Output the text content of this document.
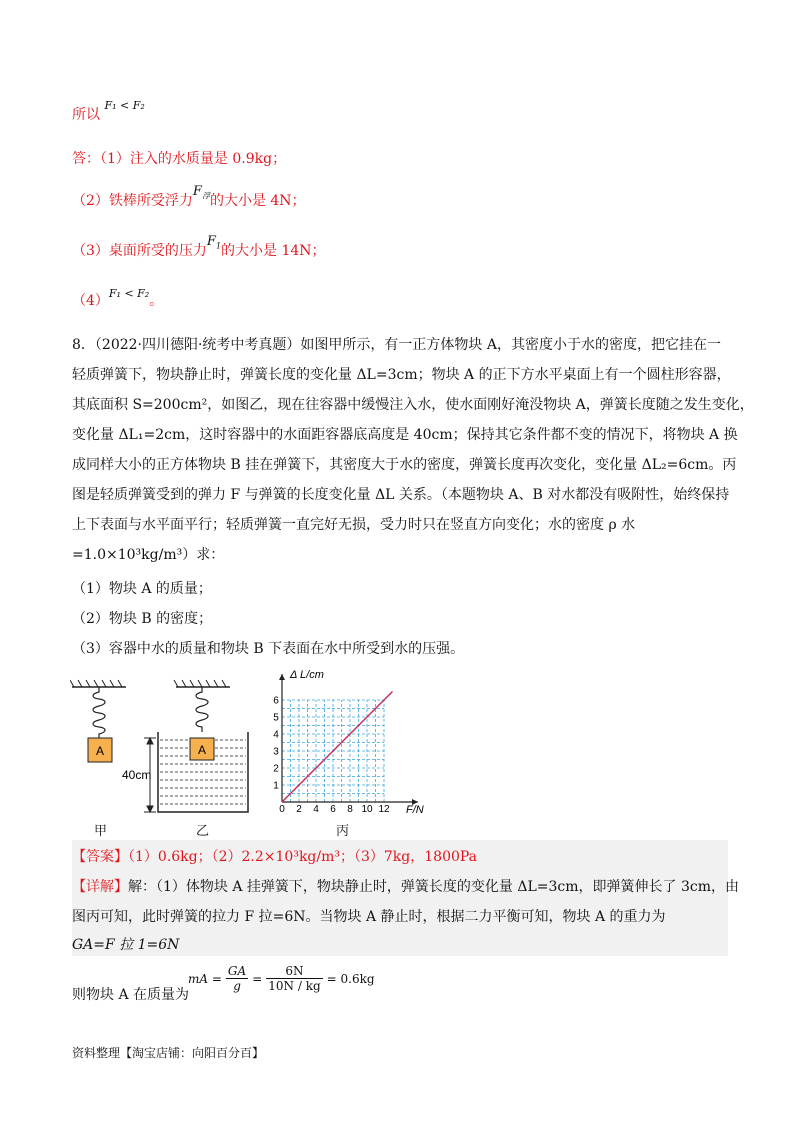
所以 $^{F_1 < F_2}$
答：（1）注入的水质量是 0.9kg；
（2）铁棒所受浮力$F_浮$的大小是 4N；
（3）桌面所受的压力$F_1$的大小是 14N；
$(4)^{F_1 < F_2}$。
8．（2022·四川德阳·统考中考真题）如图甲所示，有一正方体物块 A，其密度小于水的密度，把它挂在一
轻质弹簧下，物块静止时，弹簧长度的变化量 ΔL=3cm；物块 A 的正下方水平桌面上有一个圆柱形容器，
其底面积 S=200cm²，如图乙，现在往容器中缓慢注入水，使水面刚好淹没物块 A，弹簧长度随之发生变化，
变化量 ΔL₁=2cm，这时容器中的水面距容器底高度是 40cm；保持其它条件都不变的情况下，将物块 A 换
成同样大小的正方体物块 B 挂在弹簧下，其密度大于水的密度，弹簧长度再次变化，变化量 ΔL₂=6cm。丙
图是轻质弹簧受到的弹力 F 与弹簧的长度变化量 ΔL 关系。（本题物块 A、B 对水都没有吸附性，始终保持
上下表面与水平面平行；轻质弹簧一直完好无损，受力时只在竖直方向变化；水的密度 ρ 水
=1.0×10³kg/m³）求：
（1）物块 A 的质量；
（2）物块 B 的密度；
（3）容器中水的质量和物块 B 下表面在水中所受到水的压强。
A	A
40cm
甲	乙	丙
2 4 6 8 10 12
1
2
3
4
5
6
0
Δ L/cm
F/N
【答案】（1）0.6kg；（2）2.2×10³kg/m³；（3）7kg，1800Pa
【详解】解：（1）体物块 A 挂弹簧下，物块静止时，弹簧长度的变化量 ΔL=3cm，即弹簧伸长了 3cm，由
图丙可知，此时弹簧的拉力 F 拉=6N。当物块 A 静止时，根据二力平衡可知，物块 A 的重力为
GA=F 拉 1=6N
则物块 A 在质量为
mA = $\frac{GA}{g} = \frac{6N}{10N / kg} = 0.6kg$
资料整理【淘宝店铺：向阳百分百】
